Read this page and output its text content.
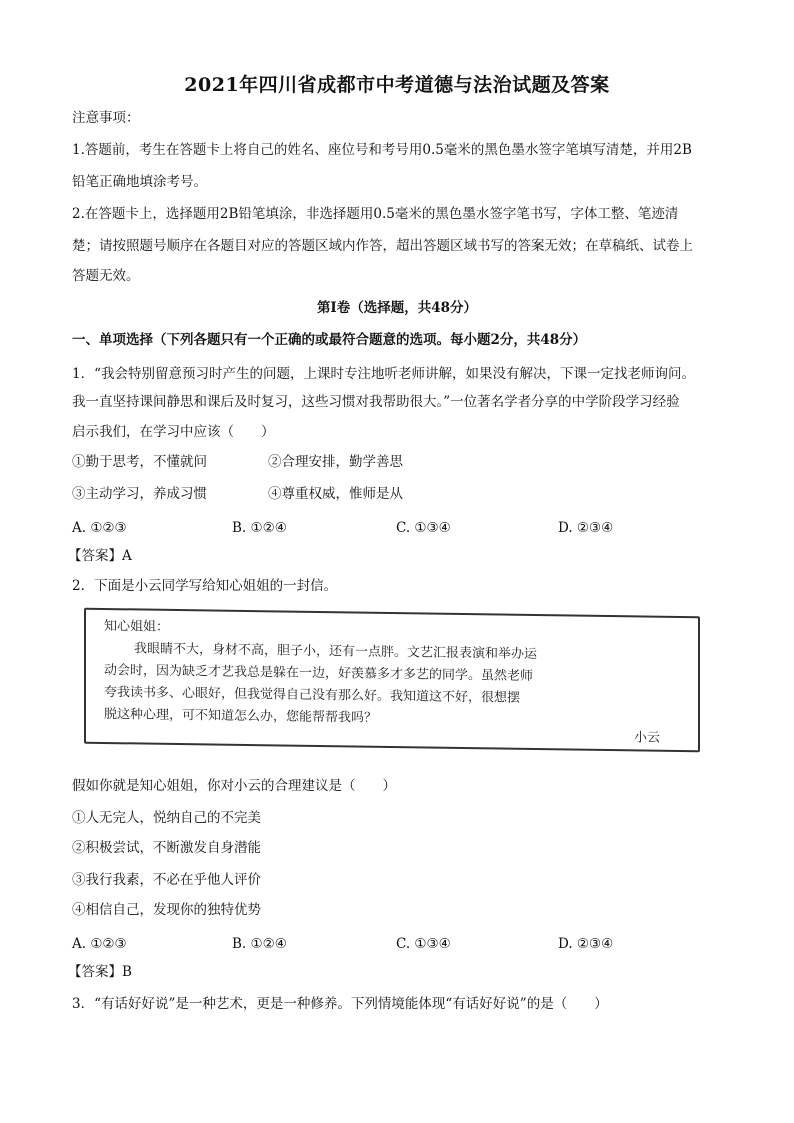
2021年四川省成都市中考道德与法治试题及答案
注意事项：
1.答题前，考生在答题卡上将自己的姓名、座位号和考号用0.5毫米的黑色墨水签字笔填写清楚，并用2B
铅笔正确地填涂考号。
2.在答题卡上，选择题用2B铅笔填涂，非选择题用0.5毫米的黑色墨水签字笔书写，字体工整、笔迹清
楚；请按照题号顺序在各题目对应的答题区域内作答，超出答题区域书写的答案无效；在草稿纸、试卷上
答题无效。
第Ⅰ卷（选择题，共48分）
一、单项选择（下列各题只有一个正确的或最符合题意的选项。每小题2分，共48分）
1．“我会特别留意预习时产生的问题，上课时专注地听老师讲解，如果没有解决，下课一定找老师询问。
我一直坚持课间静思和课后及时复习，这些习惯对我帮助很大。”一位著名学者分享的中学阶段学习经验
启示我们，在学习中应该（　　）
①勤于思考，不懂就问	②合理安排，勤学善思
③主动学习，养成习惯	④尊重权威，惟师是从
A. ①②③	B. ①②④	C. ①③④	D. ②③④
【答案】A
2．下面是小云同学写给知心姐姐的一封信。
知心姐姐：
我眼睛不大，身材不高，胆子小，还有一点胖。文艺汇报表演和举办运
动会时，因为缺乏才艺我总是躲在一边，好羡慕多才多艺的同学。虽然老师
夸我读书多、心眼好，但我觉得自己没有那么好。我知道这不好，很想摆
脱这种心理，可不知道怎么办，您能帮帮我吗？
小云
假如你就是知心姐姐，你对小云的合理建议是（　　）
①人无完人，悦纳自己的不完美
②积极尝试，不断激发自身潜能
③我行我素，不必在乎他人评价
④相信自己，发现你的独特优势
A. ①②③	B. ①②④	C. ①③④	D. ②③④
【答案】B
3．“有话好好说”是一种艺术，更是一种修养。下列情境能体现“有话好好说”的是（　　）
